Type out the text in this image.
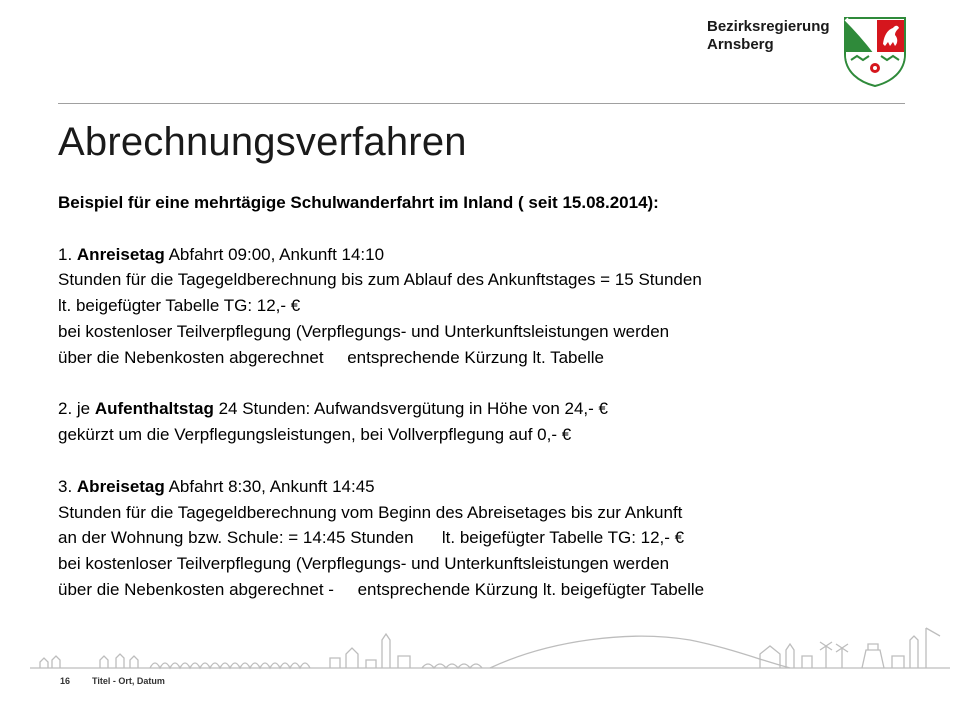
Bezirksregierung
Arnsberg
Abrechnungsverfahren
Beispiel für eine mehrtägige Schulwanderfahrt im Inland ( seit 15.08.2014):
1. Anreisetag Abfahrt 09:00, Ankunft 14:10
Stunden für die Tagegeldberechnung bis zum Ablauf des Ankunftstages = 15 Stunden
lt. beigefügter Tabelle TG: 12,- €
bei kostenloser Teilverpflegung (Verpflegungs- und Unterkunftsleistungen werden
über die Nebenkosten abgerechnet     entsprechende Kürzung lt. Tabelle
2. je Aufenthaltstag 24 Stunden: Aufwandsvergütung in Höhe von 24,- €
gekürzt um die Verpflegungsleistungen, bei Vollverpflegung auf 0,- €
3. Abreisetag Abfahrt 8:30, Ankunft 14:45
Stunden für die Tagegeldberechnung vom Beginn des Abreisetages bis zur Ankunft
an der Wohnung bzw. Schule: = 14:45 Stunden      lt. beigefügter Tabelle TG: 12,- €
bei kostenloser Teilverpflegung (Verpflegungs- und Unterkunftsleistungen werden
über die Nebenkosten abgerechnet -     entsprechende Kürzung lt. beigefügter Tabelle
16 Titel - Ort, Datum
